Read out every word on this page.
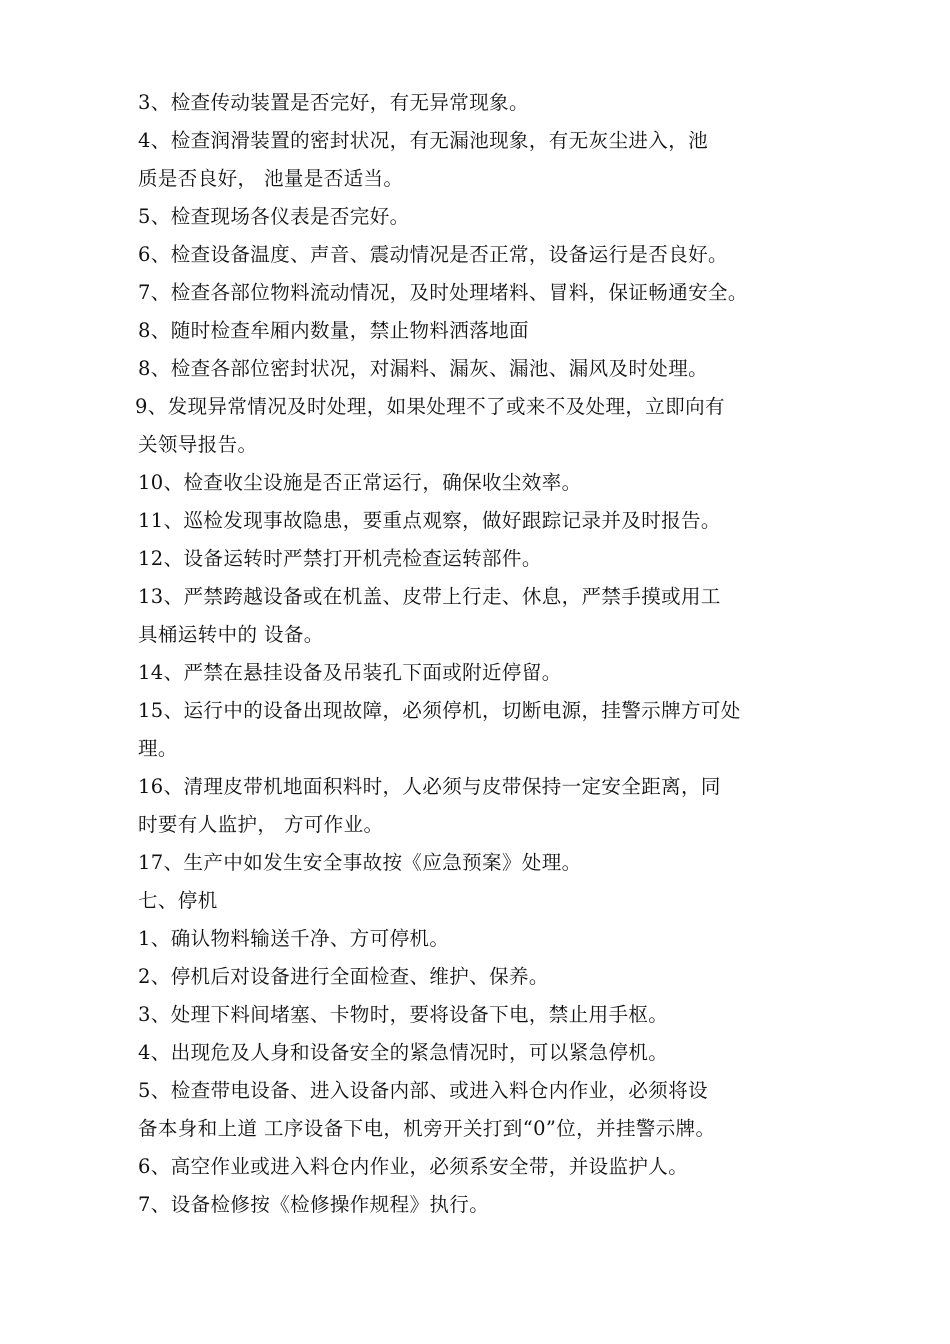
3、检查传动装置是否完好，有无异常现象。
4、检查润滑装置的密封状况，有无漏池现象，有无灰尘进入，池
质是否良好， 池量是否适当。
5、检查现场各仪表是否完好。
6、检查设备温度、声音、震动情况是否正常，设备运行是否良好。
7、检查各部位物料流动情况，及时处理堵料、冒料，保证畅通安全。
8、随时检查牟厢内数量，禁止物料洒落地面
8、检查各部位密封状况，对漏料、漏灰、漏池、漏风及时处理。
9、发现异常情况及时处理，如果处理不了或来不及处理，立即向有
关领导报告。
10、检查收尘设施是否正常运行，确保收尘效率。
11、巡检发现事故隐患，要重点观察，做好跟踪记录并及时报告。
12、设备运转时严禁打开机壳检查运转部件。
13、严禁跨越设备或在机盖、皮带上行走、休息，严禁手摸或用工
具桶运转中的 设备。
14、严禁在悬挂设备及吊装孔下面或附近停留。
15、运行中的设备出现故障，必须停机，切断电源，挂警示牌方可处
理。
16、清理皮带机地面积料时，人必须与皮带保持一定安全距离，同
时要有人监护， 方可作业。
17、生产中如发生安全事故按《应急预案》处理。
七、停机
1、确认物料输送千净、方可停机。
2、停机后对设备进行全面检查、维护、保养。
3、处理下料间堵塞、卡物时，要将设备下电，禁止用手枢。
4、出现危及人身和设备安全的紧急情况时，可以紧急停机。
5、检查带电设备、进入设备内部、或进入料仓内作业，必须将设
备本身和上道 工序设备下电，机旁开关打到“0”位，并挂警示牌。
6、高空作业或进入料仓内作业，必须系安全带，并设监护人。
7、设备检修按《检修操作规程》执行。
